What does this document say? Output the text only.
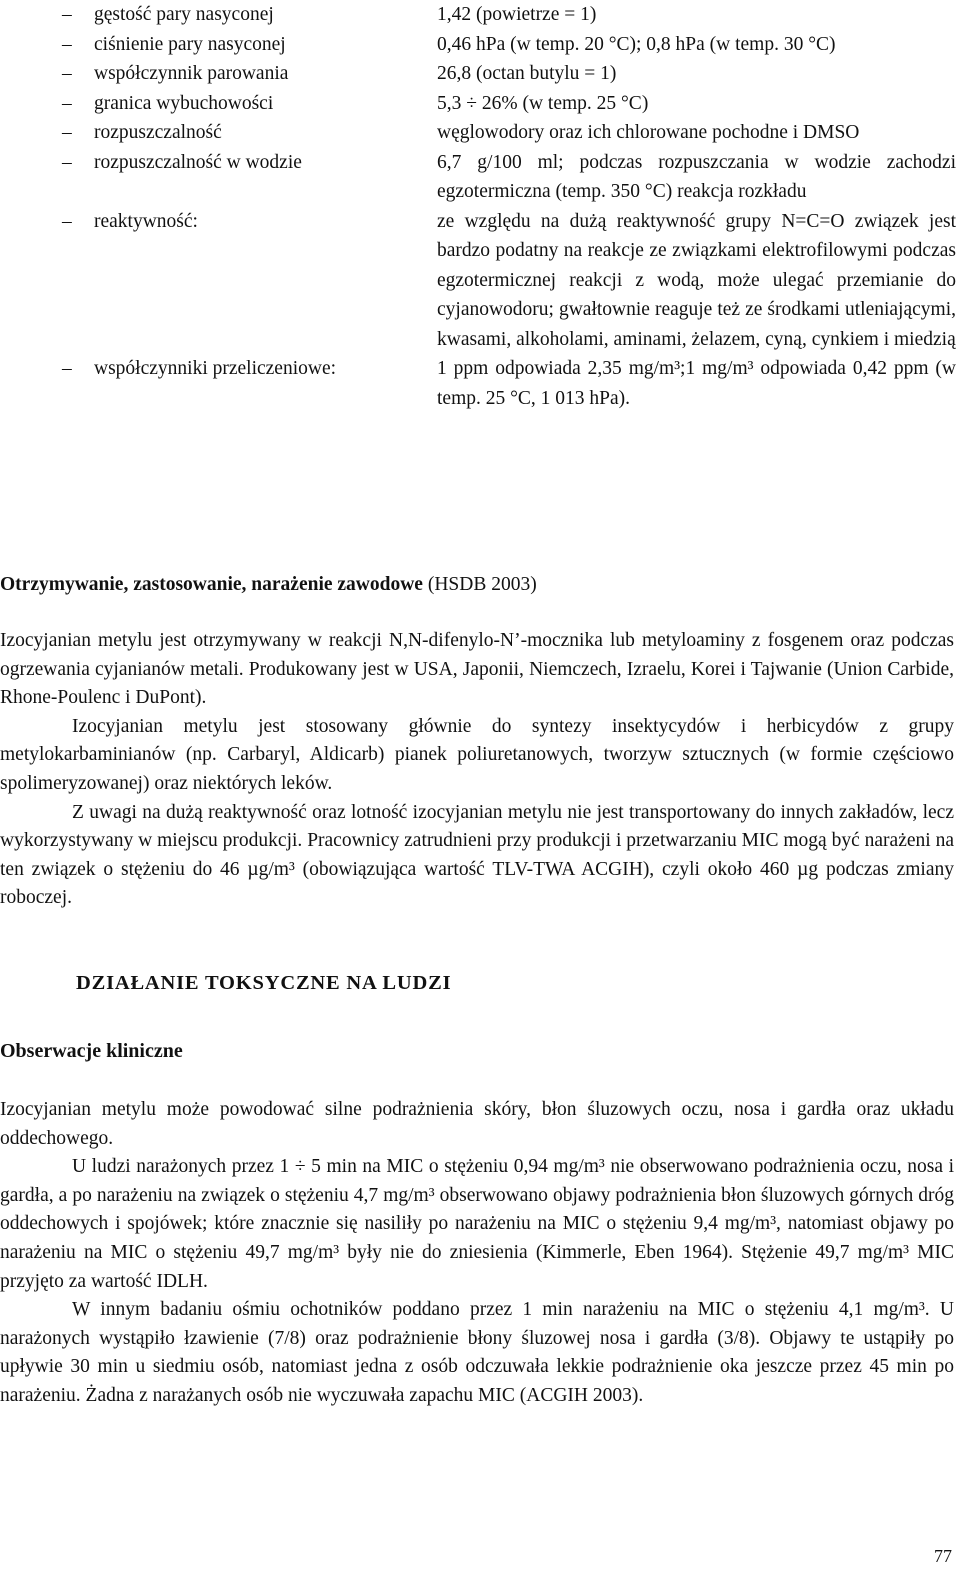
– gęstość pary nasyconej	1,42 (powietrze = 1)
– ciśnienie pary nasyconej	0,46 hPa (w temp. 20 °C); 0,8 hPa (w temp. 30 °C)
– współczynnik parowania	26,8 (octan butylu = 1)
– granica wybuchowości	5,3 ÷ 26% (w temp. 25 °C)
– rozpuszczalność	węglowodory oraz ich chlorowane pochodne i DMSO
– rozpuszczalność w wodzie	6,7 g/100 ml; podczas rozpuszczania w wodzie zachodzi egzotermiczna (temp. 350 °C) reakcja rozkładu
– reaktywność:	ze względu na dużą reaktywność grupy N=C=O związek jest bardzo podatny na reakcje ze związkami elektrofilowymi podczas egzotermicznej reakcji z wodą, może ulegać przemianie do cyjanowodoru; gwałtownie reaguje też ze środkami utleniającymi, kwasami, alkoholami, aminami, żelazem, cyną, cynkiem i miedzią
– współczynniki przeliczeniowe:	1 ppm odpowiada 2,35 mg/m³;1 mg/m³ odpowiada 0,42 ppm (w temp. 25 °C, 1 013 hPa).

Otrzymywanie, zastosowanie, narażenie zawodowe (HSDB 2003)

Izocyjanian metylu jest otrzymywany w reakcji N,N-difenylo-N’-mocznika lub metyloaminy z fosgenem oraz podczas ogrzewania cyjanianów metali. Produkowany jest w USA, Japonii, Niemczech, Izraelu, Korei i Tajwanie (Union Carbide, Rhone-Poulenc i DuPont).

Izocyjanian metylu jest stosowany głównie do syntezy insektycydów i herbicydów z grupy metylokarbaminianów (np. Carbaryl, Aldicarb) pianek poliuretanowych, tworzyw sztucznych (w formie częściowo spolimeryzowanej) oraz niektórych leków.

Z uwagi na dużą reaktywność oraz lotność izocyjanian metylu nie jest transportowany do innych zakładów, lecz wykorzystywany w miejscu produkcji. Pracownicy zatrudnieni przy produkcji i przetwarzaniu MIC mogą być narażeni na ten związek o stężeniu do 46 µg/m³ (obowiązująca wartość TLV-TWA ACGIH), czyli około 460 µg podczas zmiany roboczej.

DZIAŁANIE TOKSYCZNE NA LUDZI
Obserwacje kliniczne

Izocyjanian metylu może powodować silne podrażnienia skóry, błon śluzowych oczu, nosa i gardła oraz układu oddechowego.

U ludzi narażonych przez 1 ÷ 5 min na MIC o stężeniu 0,94 mg/m³ nie obserwowano podrażnienia oczu, nosa i gardła, a po narażeniu na związek o stężeniu 4,7 mg/m³ obserwowano objawy podrażnienia błon śluzowych górnych dróg oddechowych i spojówek; które znacznie się nasiliły po narażeniu na MIC o stężeniu 9,4 mg/m³, natomiast objawy po narażeniu na MIC o stężeniu 49,7 mg/m³ były nie do zniesienia (Kimmerle, Eben 1964). Stężenie 49,7 mg/m³ MIC przyjęto za wartość IDLH.

W innym badaniu ośmiu ochotników poddano przez 1 min narażeniu na MIC o stężeniu 4,1 mg/m³. U narażonych wystąpiło łzawienie (7/8) oraz podrażnienie błony śluzowej nosa i gardła (3/8). Objawy te ustąpiły po upływie 30 min u siedmiu osób, natomiast jedna z osób odczuwała lekkie podrażnienie oka jeszcze przez 45 min po narażeniu. Żadna z narażanych osób nie wyczuwała zapachu MIC (ACGIH 2003).

77
